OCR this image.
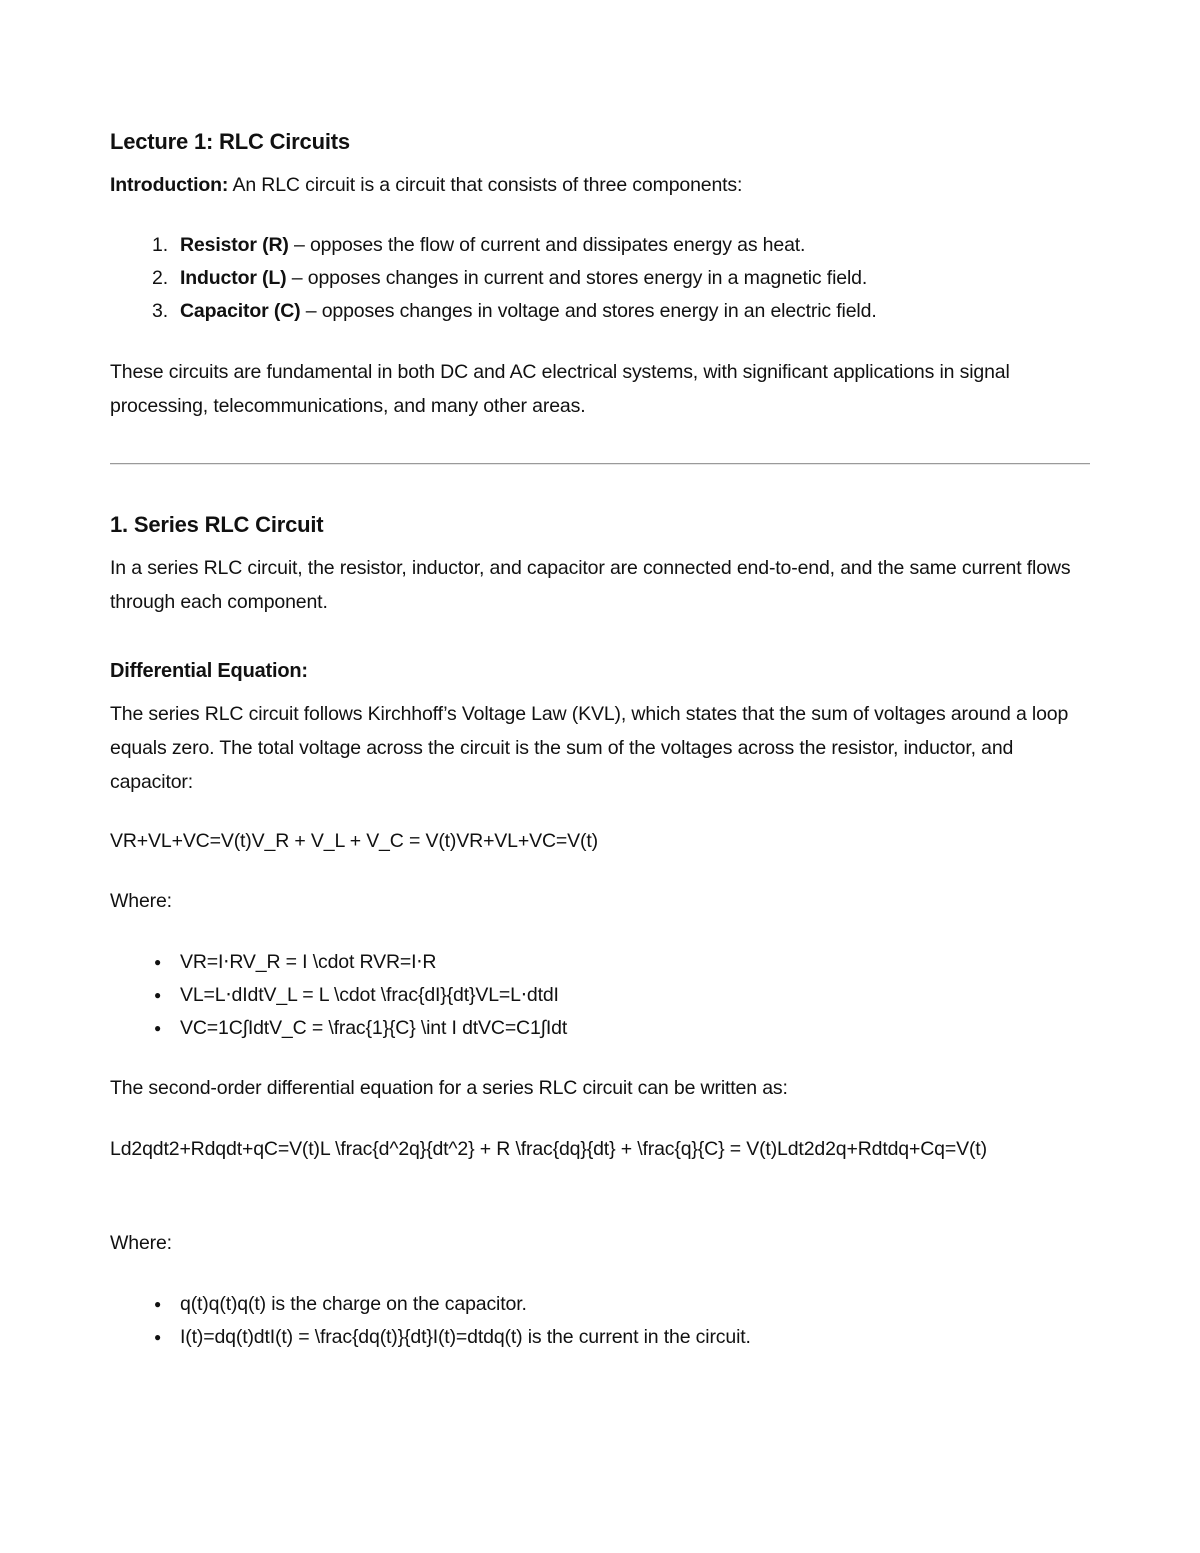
Lecture 1: RLC Circuits
Introduction: An RLC circuit is a circuit that consists of three components:
1. Resistor (R) – opposes the flow of current and dissipates energy as heat.
2. Inductor (L) – opposes changes in current and stores energy in a magnetic field.
3. Capacitor (C) – opposes changes in voltage and stores energy in an electric field.
These circuits are fundamental in both DC and AC electrical systems, with significant applications in signal processing, telecommunications, and many other areas.
1. Series RLC Circuit
In a series RLC circuit, the resistor, inductor, and capacitor are connected end-to-end, and the same current flows through each component.
Differential Equation:
The series RLC circuit follows Kirchhoff’s Voltage Law (KVL), which states that the sum of voltages around a loop equals zero. The total voltage across the circuit is the sum of the voltages across the resistor, inductor, and capacitor:
VR+VL+VC=V(t)V_R + V_L + V_C = V(t)VR​+VL​+VC​=V(t)
Where:
● VR=I⋅RV_R = I \cdot RVR​=I⋅R
● VL=L⋅dIdtV_L = L \cdot \frac{dI}{dt}VL​=L⋅dtdI​
● VC=1C∫IdtV_C = \frac{1}{C} \int I dtVC​=C1​∫Idt
The second-order differential equation for a series RLC circuit can be written as:
Ld2qdt2+Rdqdt+qC=V(t)L \frac{d^2q}{dt^2} + R \frac{dq}{dt} + \frac{q}{C} = V(t)Ldt2d2q​+Rdtdq​+Cq​=V(t)
Where:
● q(t)q(t)q(t) is the charge on the capacitor.
● I(t)=dq(t)dtI(t) = \frac{dq(t)}{dt}I(t)=dtdq(t)​ is the current in the circuit.
